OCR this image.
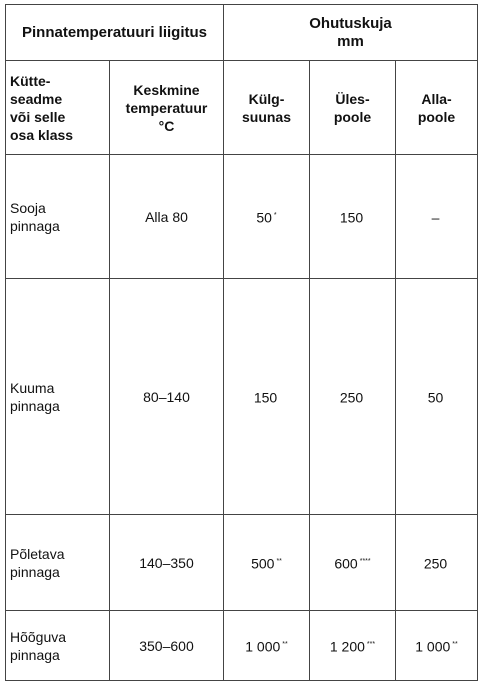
Pinnatemperatuuri liigitus		Ohutuskuja
mm		

Kütte-
seadme
või selle
osa klass	Keskmine
temperatuur
°C	Külg-
suunas	Üles-
poole	Alla-
poole
Sooja
pinnaga	Alla 80	50 *	150	–
Kuuma
pinnaga	80–140	150	250	50
Põletava
pinnaga	140–350	500 **	600 ****	250
Hõõguva
pinnaga	350–600	1 000 **	1 200 ***	1 000 **
